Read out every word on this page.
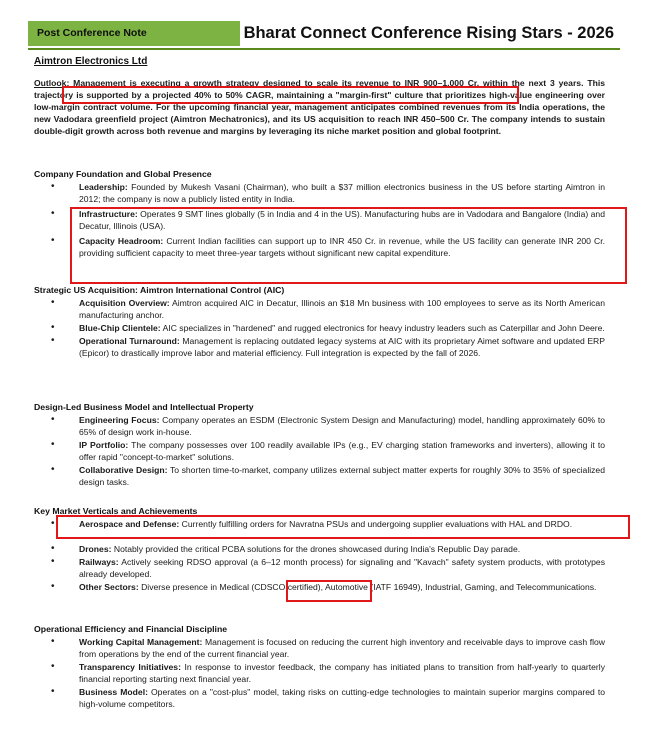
Post Conference Note	Bharat Connect Conference Rising Stars - 2026
Aimtron Electronics Ltd
Outlook: Management is executing a growth strategy designed to scale its revenue to INR 900–1,000 Cr. within the next 3 years. This trajectory is supported by a projected 40% to 50% CAGR, maintaining a "margin-first" culture that prioritizes high-value engineering over low-margin contract volume. For the upcoming financial year, management anticipates combined revenues from its India operations, the new Vadodara greenfield project (Aimtron Mechatronics), and its US acquisition to reach INR 450–500 Cr. The company intends to sustain double-digit growth across both revenue and margins by leveraging its niche market position and global footprint.
Company Foundation and Global Presence
•	Leadership: Founded by Mukesh Vasani (Chairman), who built a $37 million electronics business in the US before starting Aimtron in 2012; the company is now a publicly listed entity in India.
•	Infrastructure: Operates 9 SMT lines globally (5 in India and 4 in the US). Manufacturing hubs are in Vadodara and Bangalore (India) and Decatur, Illinois (USA).
•	Capacity Headroom: Current Indian facilities can support up to INR 450 Cr. in revenue, while the US facility can generate INR 200 Cr. providing sufficient capacity to meet three-year targets without significant new capital expenditure.
Strategic US Acquisition: Aimtron International Control (AIC)
•	Acquisition Overview: Aimtron acquired AIC in Decatur, Illinois an $18 Mn business with 100 employees to serve as its North American manufacturing anchor.
•	Blue-Chip Clientele: AIC specializes in "hardened" and rugged electronics for heavy industry leaders such as Caterpillar and John Deere.
•	Operational Turnaround: Management is replacing outdated legacy systems at AIC with its proprietary Aimet software and updated ERP (Epicor) to drastically improve labor and material efficiency. Full integration is expected by the fall of 2026.
Design-Led Business Model and Intellectual Property
•	Engineering Focus: Company operates an ESDM (Electronic System Design and Manufacturing) model, handling approximately 60% to 65% of design work in-house.
•	IP Portfolio: The company possesses over 100 readily available IPs (e.g., EV charging station frameworks and inverters), allowing it to offer rapid "concept-to-market" solutions.
•	Collaborative Design: To shorten time-to-market, company utilizes external subject matter experts for roughly 30% to 35% of specialized design tasks.
Key Market Verticals and Achievements
•	Aerospace and Defense: Currently fulfilling orders for Navratna PSUs and undergoing supplier evaluations with HAL and DRDO.
•	Drones: Notably provided the critical PCBA solutions for the drones showcased during India's Republic Day parade.
•	Railways: Actively seeking RDSO approval (a 6–12 month process) for signaling and "Kavach" safety system products, with prototypes already developed.
•	Other Sectors: Diverse presence in Medical (CDSCO certified), Automotive (IATF 16949), Industrial, Gaming, and Telecommunications.
Operational Efficiency and Financial Discipline
•	Working Capital Management: Management is focused on reducing the current high inventory and receivable days to improve cash flow from operations by the end of the current financial year.
•	Transparency Initiatives: In response to investor feedback, the company has initiated plans to transition from half-yearly to quarterly financial reporting starting next financial year.
•	Business Model: Operates on a "cost-plus" model, taking risks on cutting-edge technologies to maintain superior margins compared to high-volume competitors.
